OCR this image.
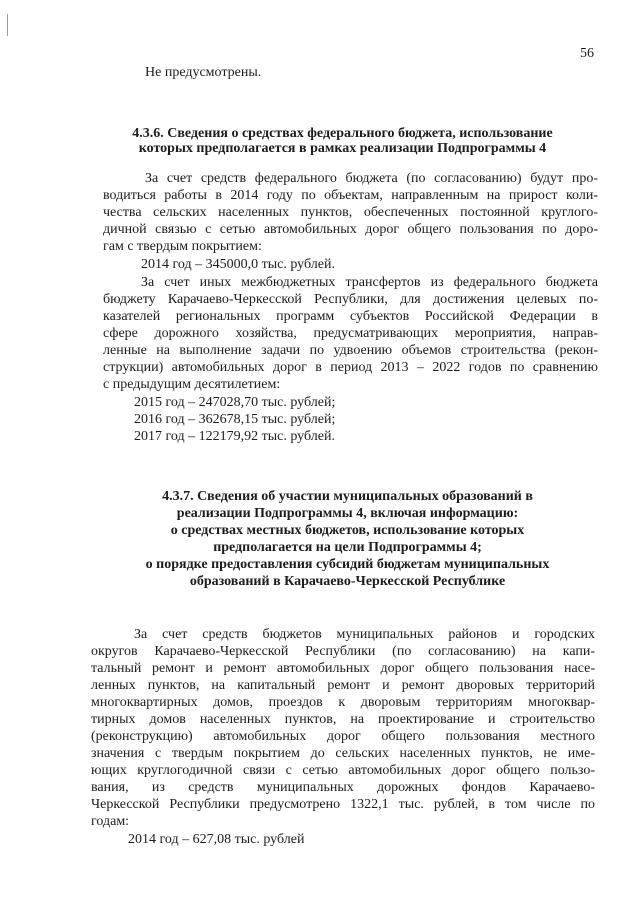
56
Не предусмотрены.
4.3.6. Сведения о средствах федерального бюджета, использование
которых предполагается в рамках реализации Подпрограммы 4
За счет средств федерального бюджета (по согласованию) будут про-
водиться работы в 2014 году по объектам, направленным на прирост коли-
чества сельских населенных пунктов, обеспеченных постоянной круглого-
дичной связью с сетью автомобильных дорог общего пользования по доро-
гам с твердым покрытием:
2014 год – 345000,0 тыс. рублей.
За счет иных межбюджетных трансфертов из федерального бюджета
бюджету Карачаево-Черкесской Республики, для достижения целевых по-
казателей региональных программ субъектов Российской Федерации в
сфере дорожного хозяйства, предусматривающих мероприятия, направ-
ленные на выполнение задачи по удвоению объемов строительства (рекон-
струкции) автомобильных дорог в период 2013 – 2022 годов по сравнению
с предыдущим десятилетием:
2015 год – 247028,70 тыс. рублей;
2016 год – 362678,15 тыс. рублей;
2017 год – 122179,92 тыс. рублей.
4.3.7. Сведения об участии муниципальных образований в
реализации Подпрограммы 4, включая информацию:
о средствах местных бюджетов, использование которых
предполагается на цели Подпрограммы 4;
о порядке предоставления субсидий бюджетам муниципальных
образований в Карачаево-Черкесской Республике
За счет средств бюджетов муниципальных районов и городских
округов Карачаево-Черкесской Республики (по согласованию) на капи-
тальный ремонт и ремонт автомобильных дорог общего пользования насе-
ленных пунктов, на капитальный ремонт и ремонт дворовых территорий
многоквартирных домов, проездов к дворовым территориям многоквар-
тирных домов населенных пунктов, на проектирование и строительство
(реконструкцию) автомобильных дорог общего пользования местного
значения с твердым покрытием до сельских населенных пунктов, не име-
ющих круглогодичной связи с сетью автомобильных дорог общего пользо-
вания, из средств муниципальных дорожных фондов Карачаево-
Черкесской Республики предусмотрено 1322,1 тыс. рублей, в том числе по
годам:
2014 год – 627,08 тыс. рублей
